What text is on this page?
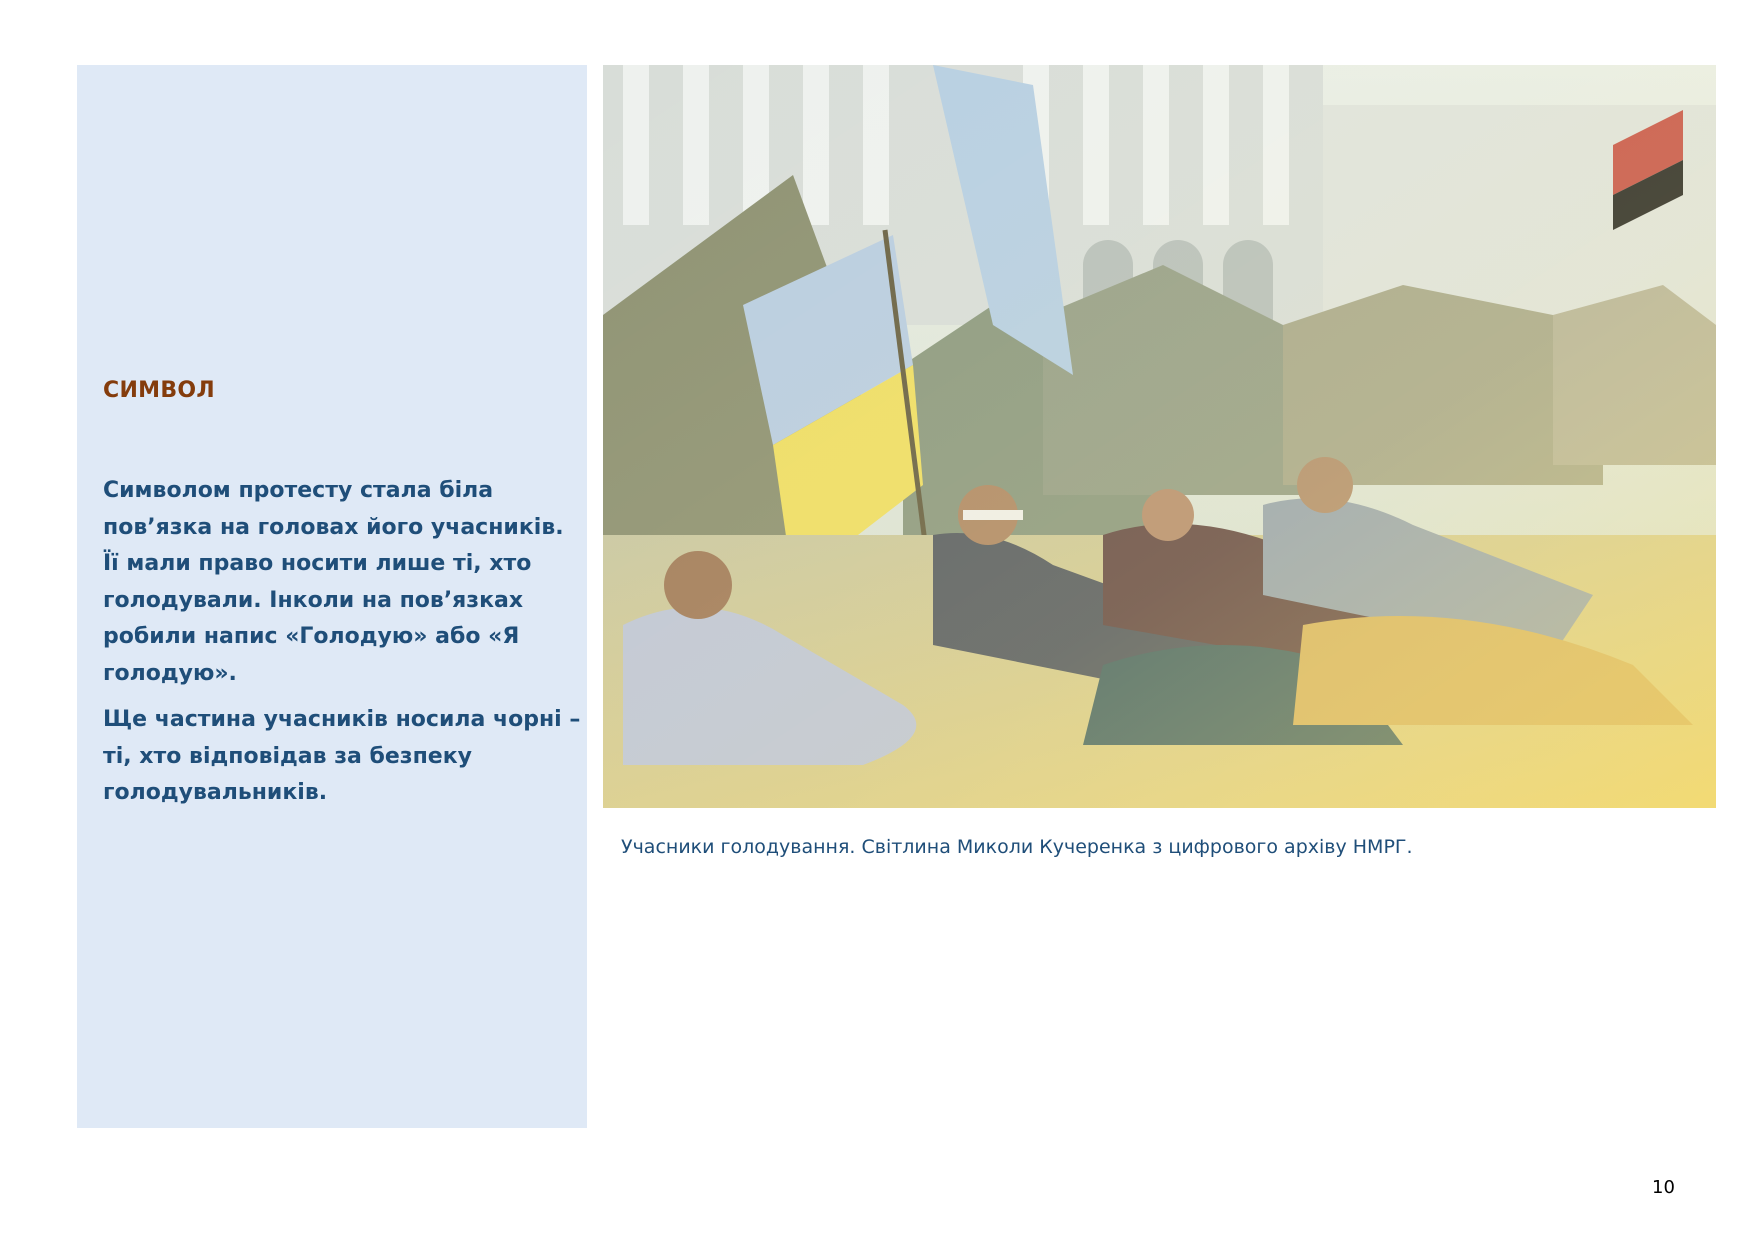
СИМВОЛ

Символом протесту стала біла пов’язка на головах його учасників. Її мали право носити лише ті, хто голодували. Інколи на пов’язках робили напис «Голодую» або «Я голодую».

Ще частина учасників носила чорні – ті, хто відповідав за безпеку голодувальників.

Учасники голодування. Світлина Миколи Кучеренка з цифрового архіву НМРГ.
10
